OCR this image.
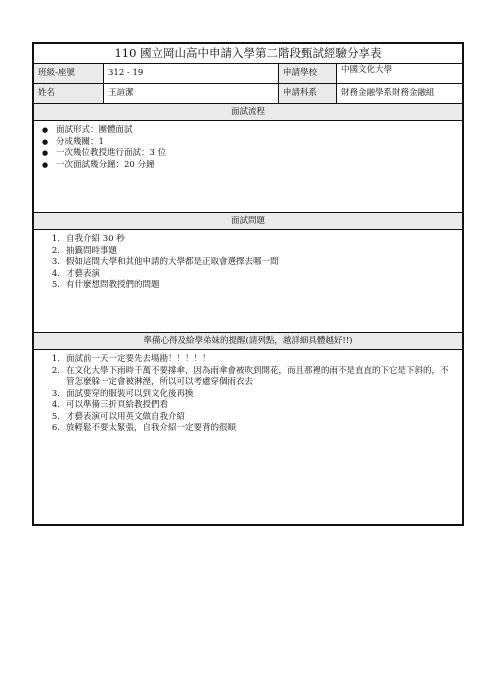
110 國立岡山高中申請入學第二階段甄試經驗分享表
班級-座號	312 - 19	申請學校	中國文化大學
姓名	王諠潔	申請科系	財務金融學系財務金融組
面試流程
● 面試形式：團體面試
● 分成幾關：1
● 一次幾位教授進行面試：3 位
● 一次面試幾分鐘：20 分鐘
面試問題
1. 自我介紹 30 秒
2. 抽籤問時事題
3. 假如這間大學和其他申請的大學都是正取會選擇去哪一間
4. 才藝表演
5. 有什麼想問教授們的問題
準備心得及給學弟妹的提醒(請列點，越詳細具體越好!!)
1. 面試前一天一定要先去場勘！！！！！
2. 在文化大學下雨時千萬不要撐傘，因為雨傘會被吹到開花，而且那裡的雨不是直直的下它是下斜的，不管怎麼躲一定會被淋溼，所以可以考慮穿個雨衣去
3. 面試要穿的服裝可以到文化後再換
4. 可以準備三折頁給教授們看
5. 才藝表演可以用英文做自我介紹
6. 放輕鬆不要太緊張，自我介紹一定要背的很順
